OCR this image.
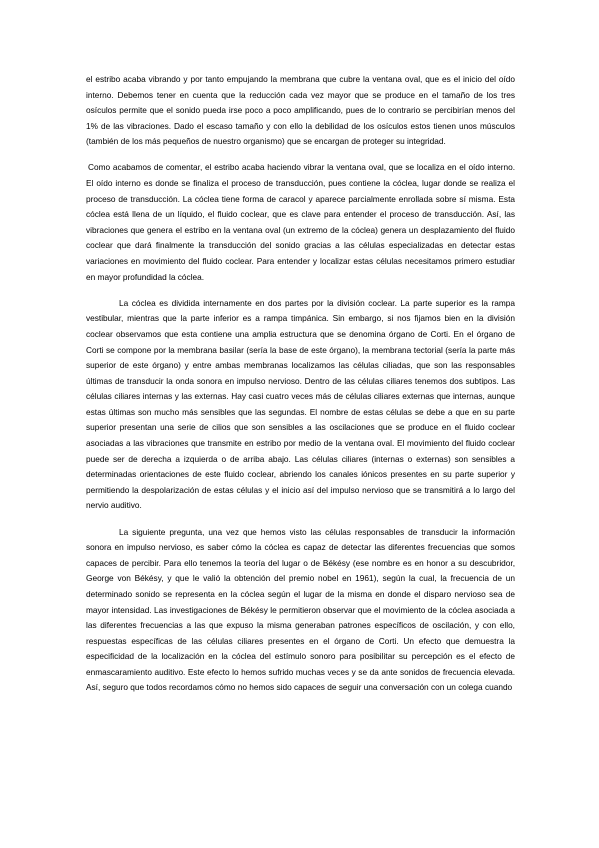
el estribo acaba vibrando y por tanto empujando la membrana que cubre la ventana oval, que es el inicio del oído interno. Debemos tener en cuenta que la reducción cada vez mayor que se produce en el tamaño de los tres osículos permite que el sonido pueda irse poco a poco amplificando, pues de lo contrario se percibirían menos del 1% de las vibraciones. Dado el escaso tamaño y con ello la debilidad de los osículos estos tienen unos músculos (también de los más pequeños de nuestro organismo) que se encargan de proteger su integridad.

Como acabamos de comentar, el estribo acaba haciendo vibrar la ventana oval, que se localiza en el oído interno. El oído interno es donde se finaliza el proceso de transducción, pues contiene la cóclea, lugar donde se realiza el proceso de transducción. La cóclea tiene forma de caracol y aparece parcialmente enrollada sobre sí misma. Esta cóclea está llena de un líquido, el fluido coclear, que es clave para entender el proceso de transducción. Así, las vibraciones que genera el estribo en la ventana oval (un extremo de la cóclea) genera un desplazamiento del fluido coclear que dará finalmente la transducción del sonido gracias a las células especializadas en detectar estas variaciones en movimiento del fluido coclear. Para entender y localizar estas células necesitamos primero estudiar en mayor profundidad la cóclea.

La cóclea es dividida internamente en dos partes por la división coclear. La parte superior es la rampa vestibular, mientras que la parte inferior es a rampa timpánica. Sin embargo, si nos fijamos bien en la división coclear observamos que esta contiene una amplia estructura que se denomina órgano de Corti. En el órgano de Corti se compone por la membrana basilar (sería la base de este órgano), la membrana tectorial (sería la parte más superior de este órgano) y entre ambas membranas localizamos las células ciliadas, que son las responsables últimas de transducir la onda sonora en impulso nervioso. Dentro de las células ciliares tenemos dos subtipos. Las células ciliares internas y las externas. Hay casi cuatro veces más de células ciliares externas que internas, aunque estas últimas son mucho más sensibles que las segundas. El nombre de estas células se debe a que en su parte superior presentan una serie de cilios que son sensibles a las oscilaciones que se produce en el fluido coclear asociadas a las vibraciones que transmite en estribo por medio de la ventana oval. El movimiento del fluido coclear puede ser de derecha a izquierda o de arriba abajo. Las células ciliares (internas o externas) son sensibles a determinadas orientaciones de este fluido coclear, abriendo los canales iónicos presentes en su parte superior y permitiendo la despolarización de estas células y el inicio así del impulso nervioso que se transmitirá a lo largo del nervio auditivo.

La siguiente pregunta, una vez que hemos visto las células responsables de transducir la información sonora en impulso nervioso, es saber cómo la cóclea es capaz de detectar las diferentes frecuencias que somos capaces de percibir. Para ello tenemos la teoría del lugar o de Békésy (ese nombre es en honor a su descubridor, George von Békésy, y que le valió la obtención del premio nobel en 1961), según la cual, la frecuencia de un determinado sonido se representa en la cóclea según el lugar de la misma en donde el disparo nervioso sea de mayor intensidad. Las investigaciones de Békésy le permitieron observar que el movimiento de la cóclea asociada a las diferentes frecuencias a las que expuso la misma generaban patrones específicos de oscilación, y con ello, respuestas específicas de las células ciliares presentes en el órgano de Corti. Un efecto que demuestra la especificidad de la localización en la cóclea del estímulo sonoro para posibilitar su percepción es el efecto de enmascaramiento auditivo. Este efecto lo hemos sufrido muchas veces y se da ante sonidos de frecuencia elevada. Así, seguro que todos recordamos cómo no hemos sido capaces de seguir una conversación con un colega cuando
